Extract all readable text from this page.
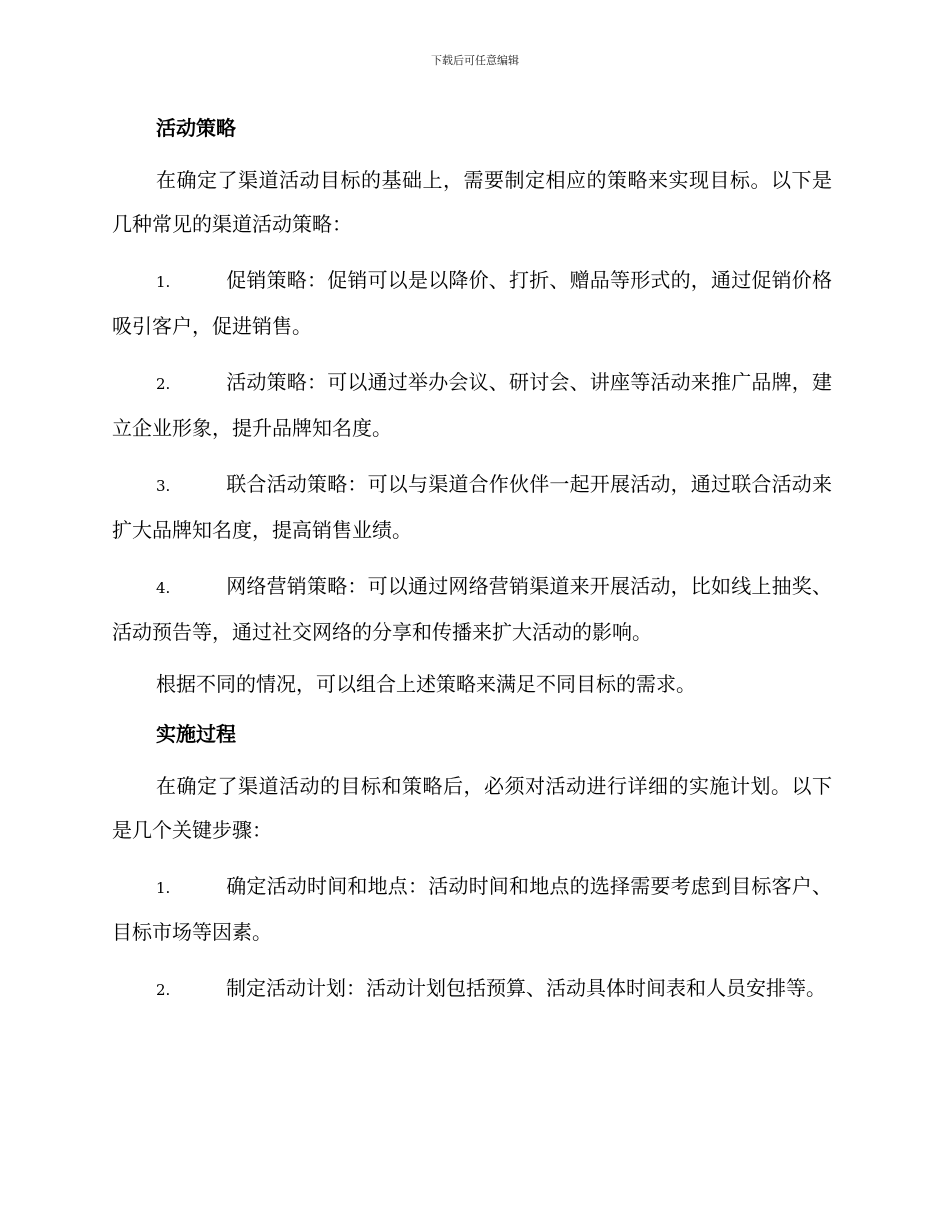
下载后可任意编辑
活动策略

在确定了渠道活动目标的基础上，需要制定相应的策略来实现目标。以下是几种常见的渠道活动策略：

1.	促销策略：促销可以是以降价、打折、赠品等形式的，通过促销价格吸引客户，促进销售。

2.	活动策略：可以通过举办会议、研讨会、讲座等活动来推广品牌，建立企业形象，提升品牌知名度。

3.	联合活动策略：可以与渠道合作伙伴一起开展活动，通过联合活动来扩大品牌知名度，提高销售业绩。

4.	网络营销策略：可以通过网络营销渠道来开展活动，比如线上抽奖、活动预告等，通过社交网络的分享和传播来扩大活动的影响。

根据不同的情况，可以组合上述策略来满足不同目标的需求。

实施过程

在确定了渠道活动的目标和策略后，必须对活动进行详细的实施计划。以下是几个关键步骤：

1.	确定活动时间和地点：活动时间和地点的选择需要考虑到目标客户、目标市场等因素。

2.	制定活动计划：活动计划包括预算、活动具体时间表和人员安排等。
